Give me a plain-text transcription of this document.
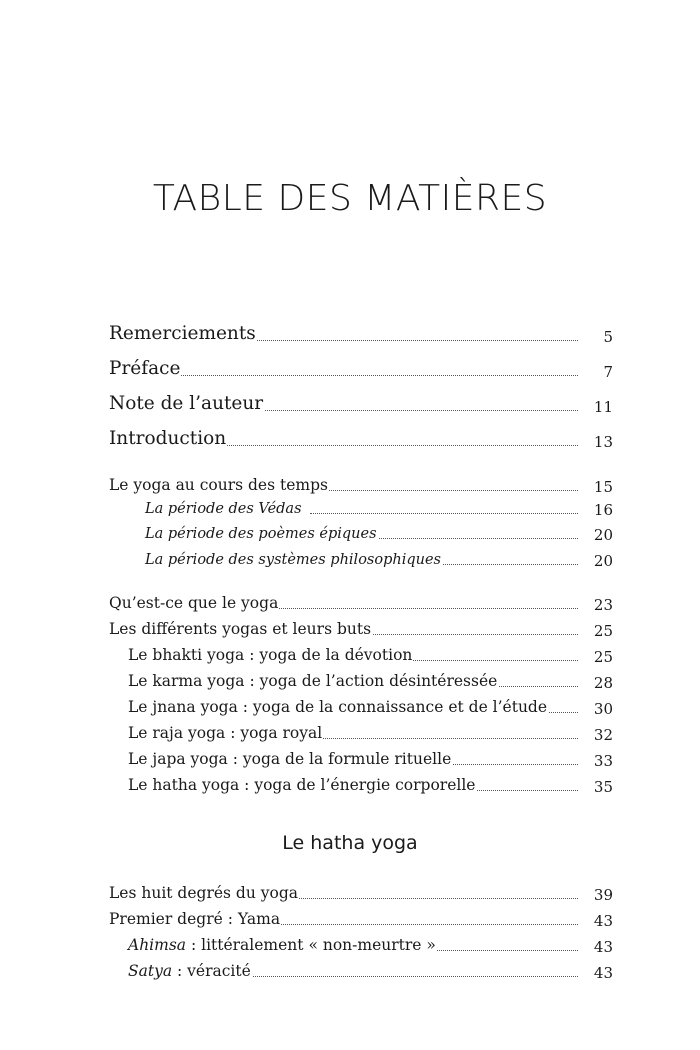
TABLE DES MATIÈRES
Remerciements	5
Préface	7
Note de l’auteur	11
Introduction	13
Le yoga au cours des temps	15
La période des Védas	16
La période des poèmes épiques	20
La période des systèmes philosophiques	20
Qu’est-ce que le yoga	23
Les différents yogas et leurs buts	25
Le bhakti yoga : yoga de la dévotion	25
Le karma yoga : yoga de l’action désintéressée	28
Le jnana yoga : yoga de la connaissance et de l’étude	30
Le raja yoga : yoga royal	32
Le japa yoga : yoga de la formule rituelle	33
Le hatha yoga : yoga de l’énergie corporelle	35
Le hatha yoga
Les huit degrés du yoga	39
Premier degré : Yama	43
Ahimsa : littéralement « non-meurtre »	43
Satya : véracité	43
